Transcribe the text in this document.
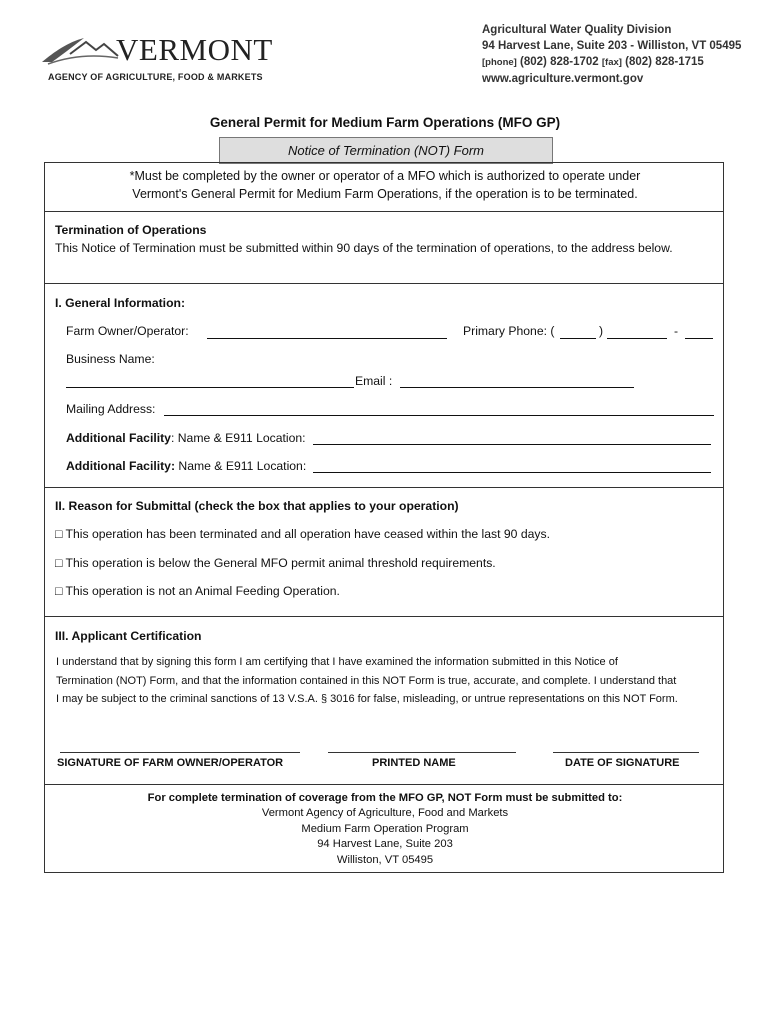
VERMONT
AGENCY OF AGRICULTURE, FOOD & MARKETS
Agricultural Water Quality Division
94 Harvest Lane, Suite 203 - Williston, VT 05495
[phone] (802) 828-1702 [fax] (802) 828-1715
www.agriculture.vermont.gov
General Permit for Medium Farm Operations (MFO GP)
Notice of Termination (NOT) Form
*Must be completed by the owner or operator of a MFO which is authorized to operate under
Vermont's General Permit for Medium Farm Operations, if the operation is to be terminated.
Termination of Operations
This Notice of Termination must be submitted within 90 days of the termination of operations, to the address below.
I. General Information:
Farm Owner/Operator:	Primary Phone: (	)	-
Business Name:
Email :
Mailing Address:
Additional Facility: Name & E911 Location:
Additional Facility: Name & E911 Location:
II. Reason for Submittal (check the box that applies to your operation)
□ This operation has been terminated and all operation have ceased within the last 90 days.
□ This operation is below the General MFO permit animal threshold requirements.
□ This operation is not an Animal Feeding Operation.
III. Applicant Certification
I understand that by signing this form I am certifying that I have examined the information submitted in this Notice of
Termination (NOT) Form, and that the information contained in this NOT Form is true, accurate, and complete. I understand that
I may be subject to the criminal sanctions of 13 V.S.A. § 3016 for false, misleading, or untrue representations on this NOT Form.
SIGNATURE OF FARM OWNER/OPERATOR	PRINTED NAME	DATE OF SIGNATURE
For complete termination of coverage from the MFO GP, NOT Form must be submitted to:
Vermont Agency of Agriculture, Food and Markets
Medium Farm Operation Program
94 Harvest Lane, Suite 203
Williston, VT 05495
